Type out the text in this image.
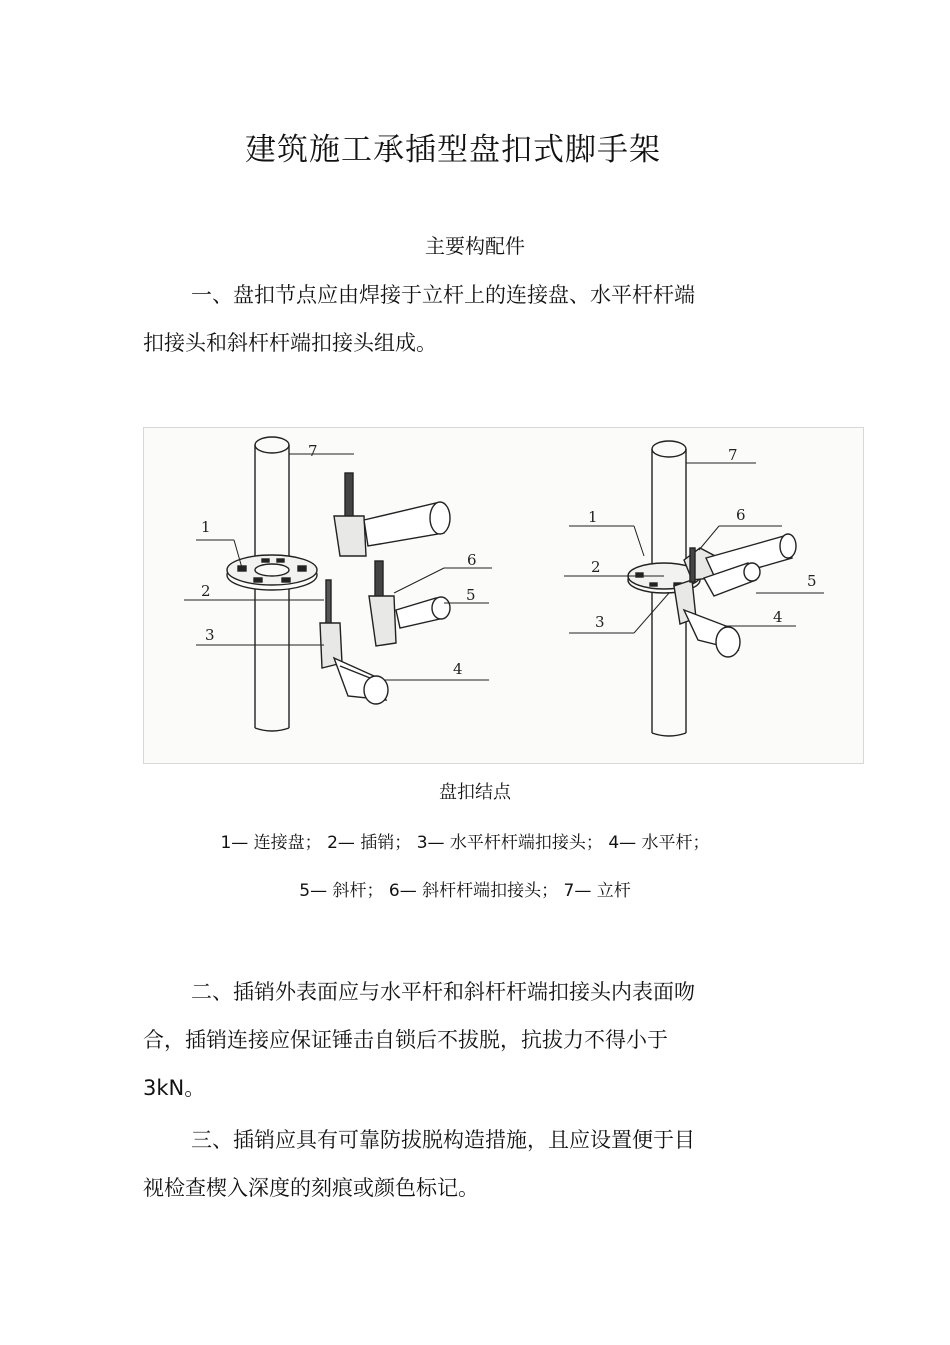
建筑施工承插型盘扣式脚手架
主要构配件
一、盘扣节点应由焊接于立杆上的连接盘、水平杆杆端
扣接头和斜杆杆端扣接头组成。
7
1
2
3
4
5
6
7
1
2
3	4
5
6
盘扣结点
1— 连接盘； 2— 插销； 3— 水平杆杆端扣接头； 4— 水平杆；
5— 斜杆； 6— 斜杆杆端扣接头； 7— 立杆
二、插销外表面应与水平杆和斜杆杆端扣接头内表面吻
合，插销连接应保证锤击自锁后不拔脱，抗拔力不得小于
3kN。
三、插销应具有可靠防拔脱构造措施，且应设置便于目
视检查楔入深度的刻痕或颜色标记。
